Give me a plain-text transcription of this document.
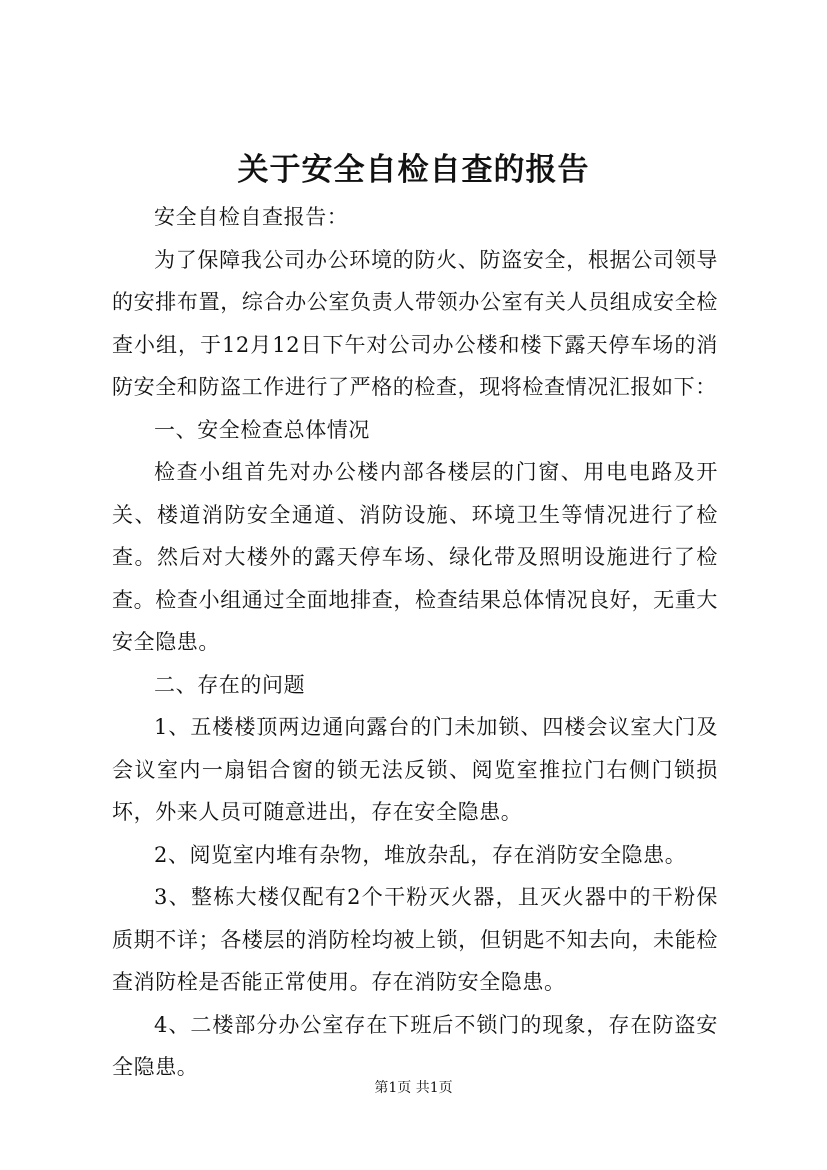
关于安全自检自查的报告

安全自检自查报告：

为了保障我公司办公环境的防火、防盗安全，根据公司领导的安排布置，综合办公室负责人带领办公室有关人员组成安全检查小组，于12月12日下午对公司办公楼和楼下露天停车场的消防安全和防盗工作进行了严格的检查，现将检查情况汇报如下：

一、安全检查总体情况

检查小组首先对办公楼内部各楼层的门窗、用电电路及开关、楼道消防安全通道、消防设施、环境卫生等情况进行了检查。然后对大楼外的露天停车场、绿化带及照明设施进行了检查。检查小组通过全面地排查，检查结果总体情况良好，无重大安全隐患。

二、存在的问题

1、五楼楼顶两边通向露台的门未加锁、四楼会议室大门及会议室内一扇铝合窗的锁无法反锁、阅览室推拉门右侧门锁损坏，外来人员可随意进出，存在安全隐患。

2、阅览室内堆有杂物，堆放杂乱，存在消防安全隐患。

3、整栋大楼仅配有2个干粉灭火器，且灭火器中的干粉保质期不详；各楼层的消防栓均被上锁，但钥匙不知去向，未能检查消防栓是否能正常使用。存在消防安全隐患。

4、二楼部分办公室存在下班后不锁门的现象，存在防盗安全隐患。

第1页 共1页
